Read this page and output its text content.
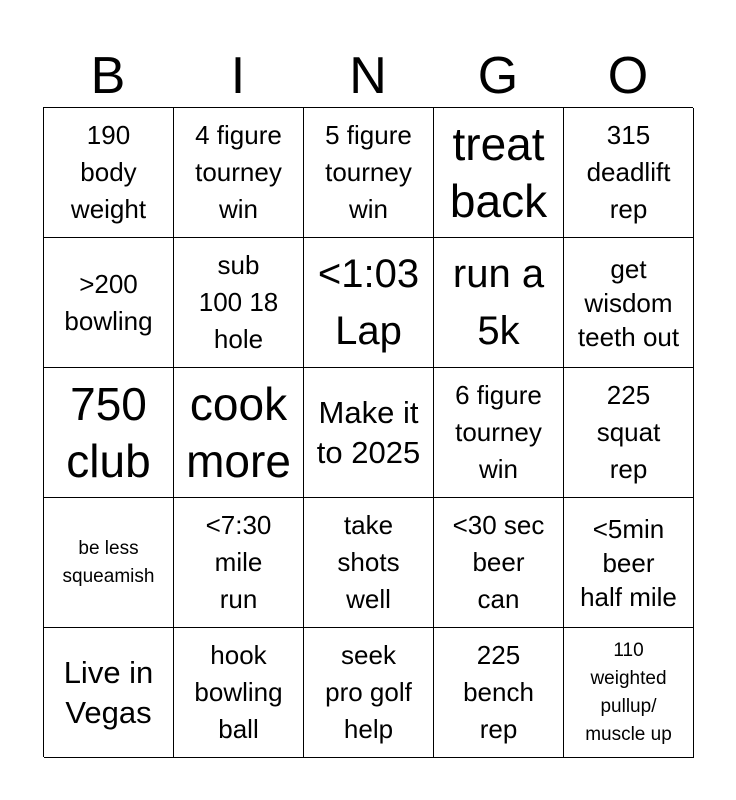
B	I	N	G	O
190
body
weight
4 figure
tourney
win
5 figure
tourney
win
treat
back
315
deadlift
rep
>200
bowling
sub
100 18
hole
<1:03
Lap
run a
5k
get
wisdom
teeth out
750
club
cook
more
Make it
to 2025
6 figure
tourney
win
225
squat
rep
be less
squeamish
<7:30
mile
run
take
shots
well
<30 sec
beer
can
<5min
beer
half mile
Live in
Vegas
hook
bowling
ball
seek
pro golf
help
225
bench
rep
110
weighted
pullup/
muscle up
